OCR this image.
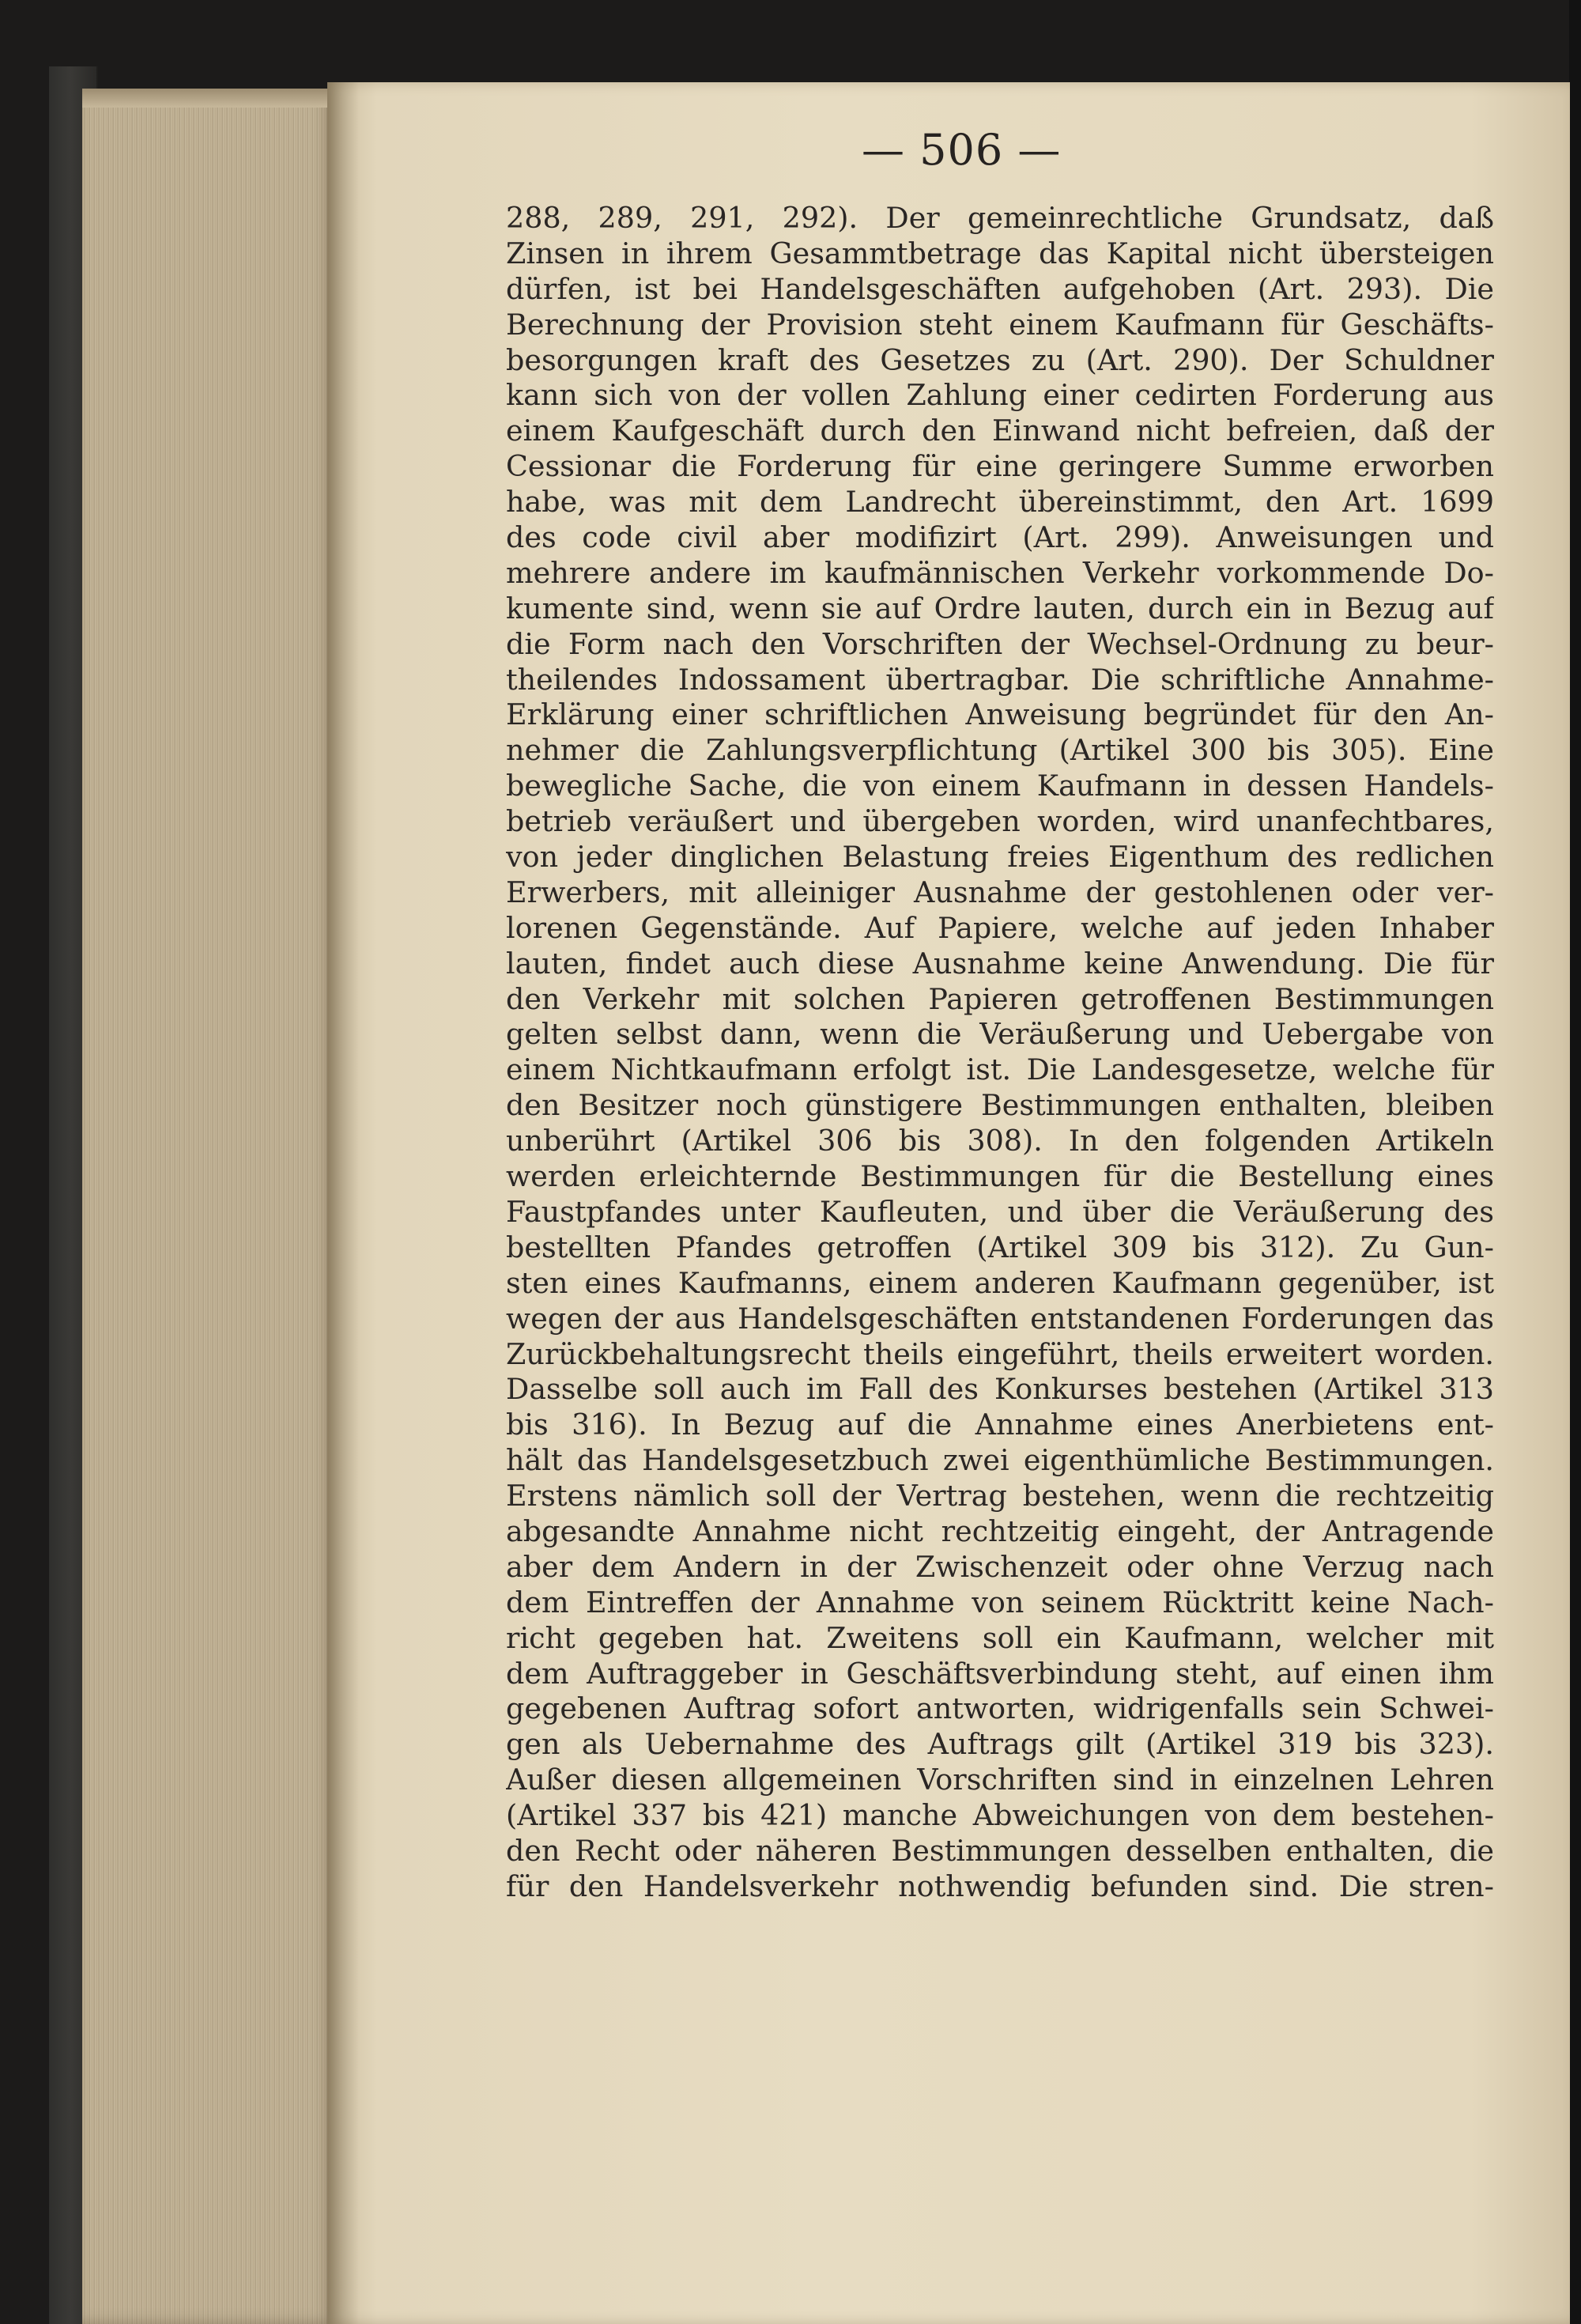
— 506 —
288, 289, 291, 292). Der gemeinrechtliche Grundsatz, daß
Zinsen in ihrem Gesammtbetrage das Kapital nicht übersteigen
dürfen, ist bei Handelsgeschäften aufgehoben (Art. 293). Die
Berechnung der Provision steht einem Kaufmann für Geschäfts-
besorgungen kraft des Gesetzes zu (Art. 290). Der Schuldner
kann sich von der vollen Zahlung einer cedirten Forderung aus
einem Kaufgeschäft durch den Einwand nicht befreien, daß der
Cessionar die Forderung für eine geringere Summe erworben
habe, was mit dem Landrecht übereinstimmt, den Art. 1699
des code civil aber modifizirt (Art. 299). Anweisungen und
mehrere andere im kaufmännischen Verkehr vorkommende Do-
kumente sind, wenn sie auf Ordre lauten, durch ein in Bezug auf
die Form nach den Vorschriften der Wechsel-Ordnung zu beur-
theilendes Indossament übertragbar. Die schriftliche Annahme-
Erklärung einer schriftlichen Anweisung begründet für den An-
nehmer die Zahlungsverpflichtung (Artikel 300 bis 305). Eine
bewegliche Sache, die von einem Kaufmann in dessen Handels-
betrieb veräußert und übergeben worden, wird unanfechtbares,
von jeder dinglichen Belastung freies Eigenthum des redlichen
Erwerbers, mit alleiniger Ausnahme der gestohlenen oder ver-
lorenen Gegenstände. Auf Papiere, welche auf jeden Inhaber
lauten, findet auch diese Ausnahme keine Anwendung. Die für
den Verkehr mit solchen Papieren getroffenen Bestimmungen
gelten selbst dann, wenn die Veräußerung und Uebergabe von
einem Nichtkaufmann erfolgt ist. Die Landesgesetze, welche für
den Besitzer noch günstigere Bestimmungen enthalten, bleiben
unberührt (Artikel 306 bis 308). In den folgenden Artikeln
werden erleichternde Bestimmungen für die Bestellung eines
Faustpfandes unter Kaufleuten, und über die Veräußerung des
bestellten Pfandes getroffen (Artikel 309 bis 312). Zu Gun-
sten eines Kaufmanns, einem anderen Kaufmann gegenüber, ist
wegen der aus Handelsgeschäften entstandenen Forderungen das
Zurückbehaltungsrecht theils eingeführt, theils erweitert worden.
Dasselbe soll auch im Fall des Konkurses bestehen (Artikel 313
bis 316). In Bezug auf die Annahme eines Anerbietens ent-
hält das Handelsgesetzbuch zwei eigenthümliche Bestimmungen.
Erstens nämlich soll der Vertrag bestehen, wenn die rechtzeitig
abgesandte Annahme nicht rechtzeitig eingeht, der Antragende
aber dem Andern in der Zwischenzeit oder ohne Verzug nach
dem Eintreffen der Annahme von seinem Rücktritt keine Nach-
richt gegeben hat. Zweitens soll ein Kaufmann, welcher mit
dem Auftraggeber in Geschäftsverbindung steht, auf einen ihm
gegebenen Auftrag sofort antworten, widrigenfalls sein Schwei-
gen als Uebernahme des Auftrags gilt (Artikel 319 bis 323).
Außer diesen allgemeinen Vorschriften sind in einzelnen Lehren
(Artikel 337 bis 421) manche Abweichungen von dem bestehen-
den Recht oder näheren Bestimmungen desselben enthalten, die
für den Handelsverkehr nothwendig befunden sind. Die stren-
